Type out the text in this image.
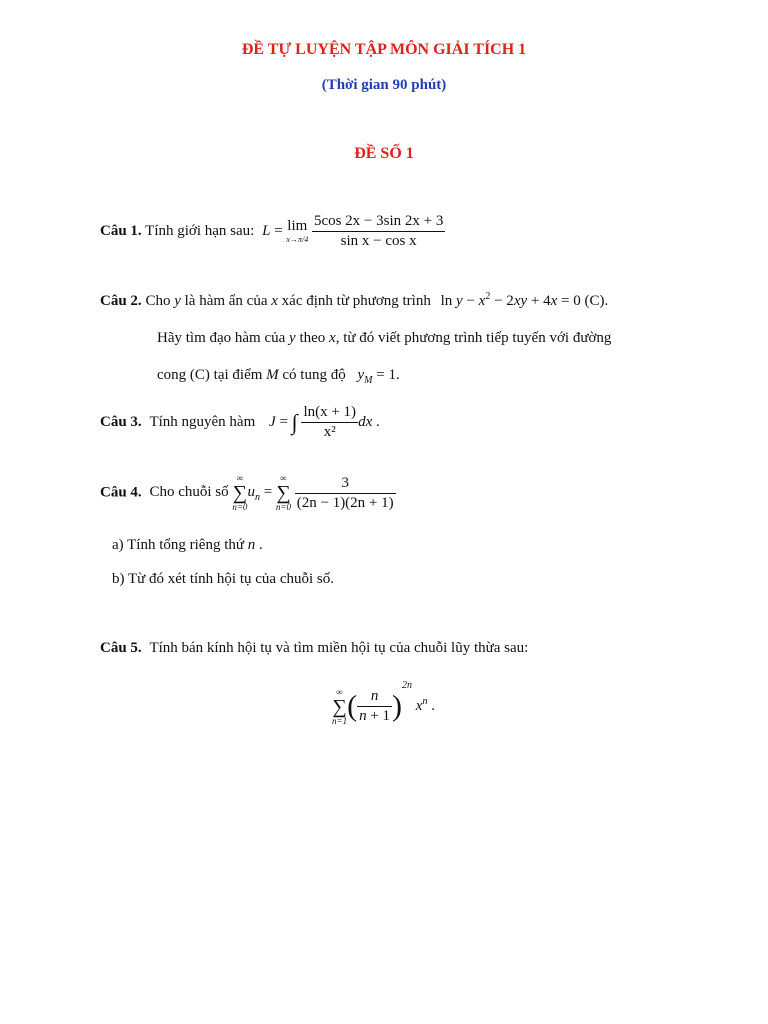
ĐỀ TỰ LUYỆN TẬP MÔN GIẢI TÍCH 1
(Thời gian 90 phút)
ĐỀ SỐ 1
Câu 1. Tính giới hạn sau: L = lim
x→π/4
$\frac{5\cos 2x - 3\sin 2x + 3}{\text{sin x − cos x}}$
Câu 2. Cho y là hàm ẩn của x xác định từ phương trình $\ln y - x^2 - 2xy + 4x = 0$ (C).
Hãy tìm đạo hàm của y theo x, từ đó viết phương trình tiếp tuyến với đường
cong (C) tại điểm M có tung độ $y_M = 1$.
Câu 3. Tính nguyên hàm J = ∫ $\frac{\ln(x + 1)}{\text{x²}}$ dx .
Câu 4. Cho chuỗi số
∞
∑
n=0
$u_n$ =
∞
∑
n=0
$\frac{3}{(2n - 1)(2n + 1)}$
a) Tính tổng riêng thứ n .
b) Từ đó xét tính hội tụ của chuỗi số.
Câu 5. Tính bán kính hội tụ và tìm miền hội tụ của chuỗi lũy thừa sau:
∞
∑
n=1 ( $\frac{n}{n + 1} )^{2n}$ $x^n$ .
